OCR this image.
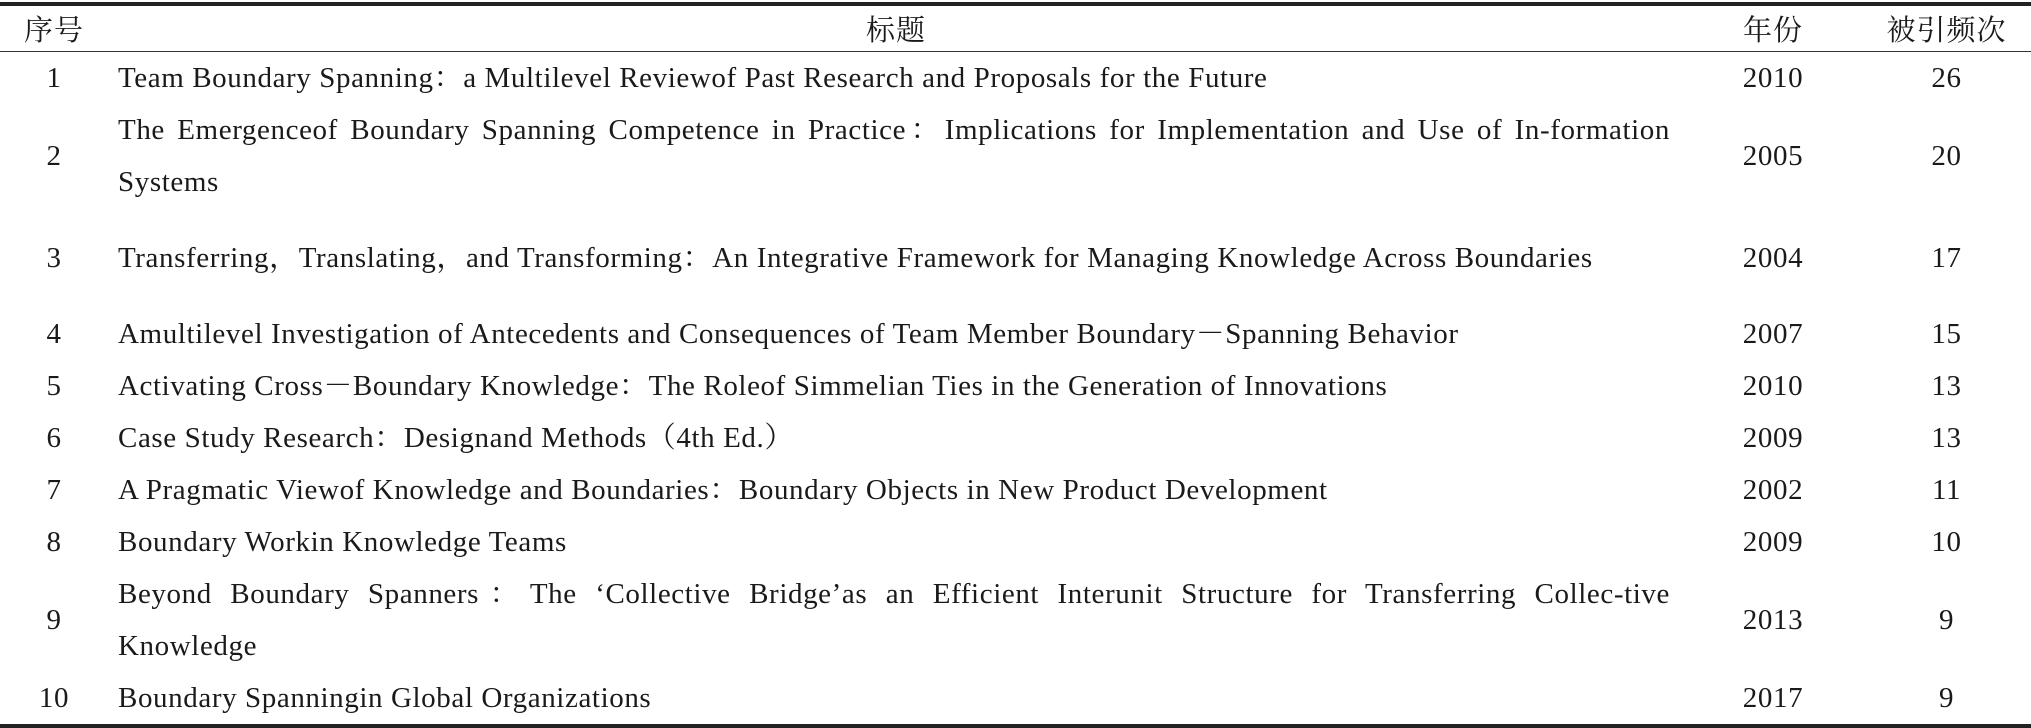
序号	标题	年份	被引频次
1	Team Boundary Spanning：a Multilevel Reviewof Past Research and Proposals for the Future	2010	26
2	The Emergenceof Boundary Spanning Competence in Practice：Implications for Implementation and Use of In-formation Systems	2005	20
3	Transferring，Translating，and Transforming：An Integrative Framework for Managing Knowledge Across Boundaries	2004	17
4	Amultilevel Investigation of Antecedents and Consequences of Team Member Boundary－Spanning Behavior	2007	15
5	Activating Cross－Boundary Knowledge：The Roleof Simmelian Ties in the Generation of Innovations	2010	13
6	Case Study Research：Designand Methods（4th Ed.）	2009	13
7	A Pragmatic Viewof Knowledge and Boundaries：Boundary Objects in New Product Development	2002	11
8	Boundary Workin Knowledge Teams	2009	10
9	Beyond Boundary Spanners：The ‘Collective Bridge’as an Efficient Interunit Structure for Transferring Collec-tive Knowledge	2013	9
10	Boundary Spanningin Global Organizations	2017	9
